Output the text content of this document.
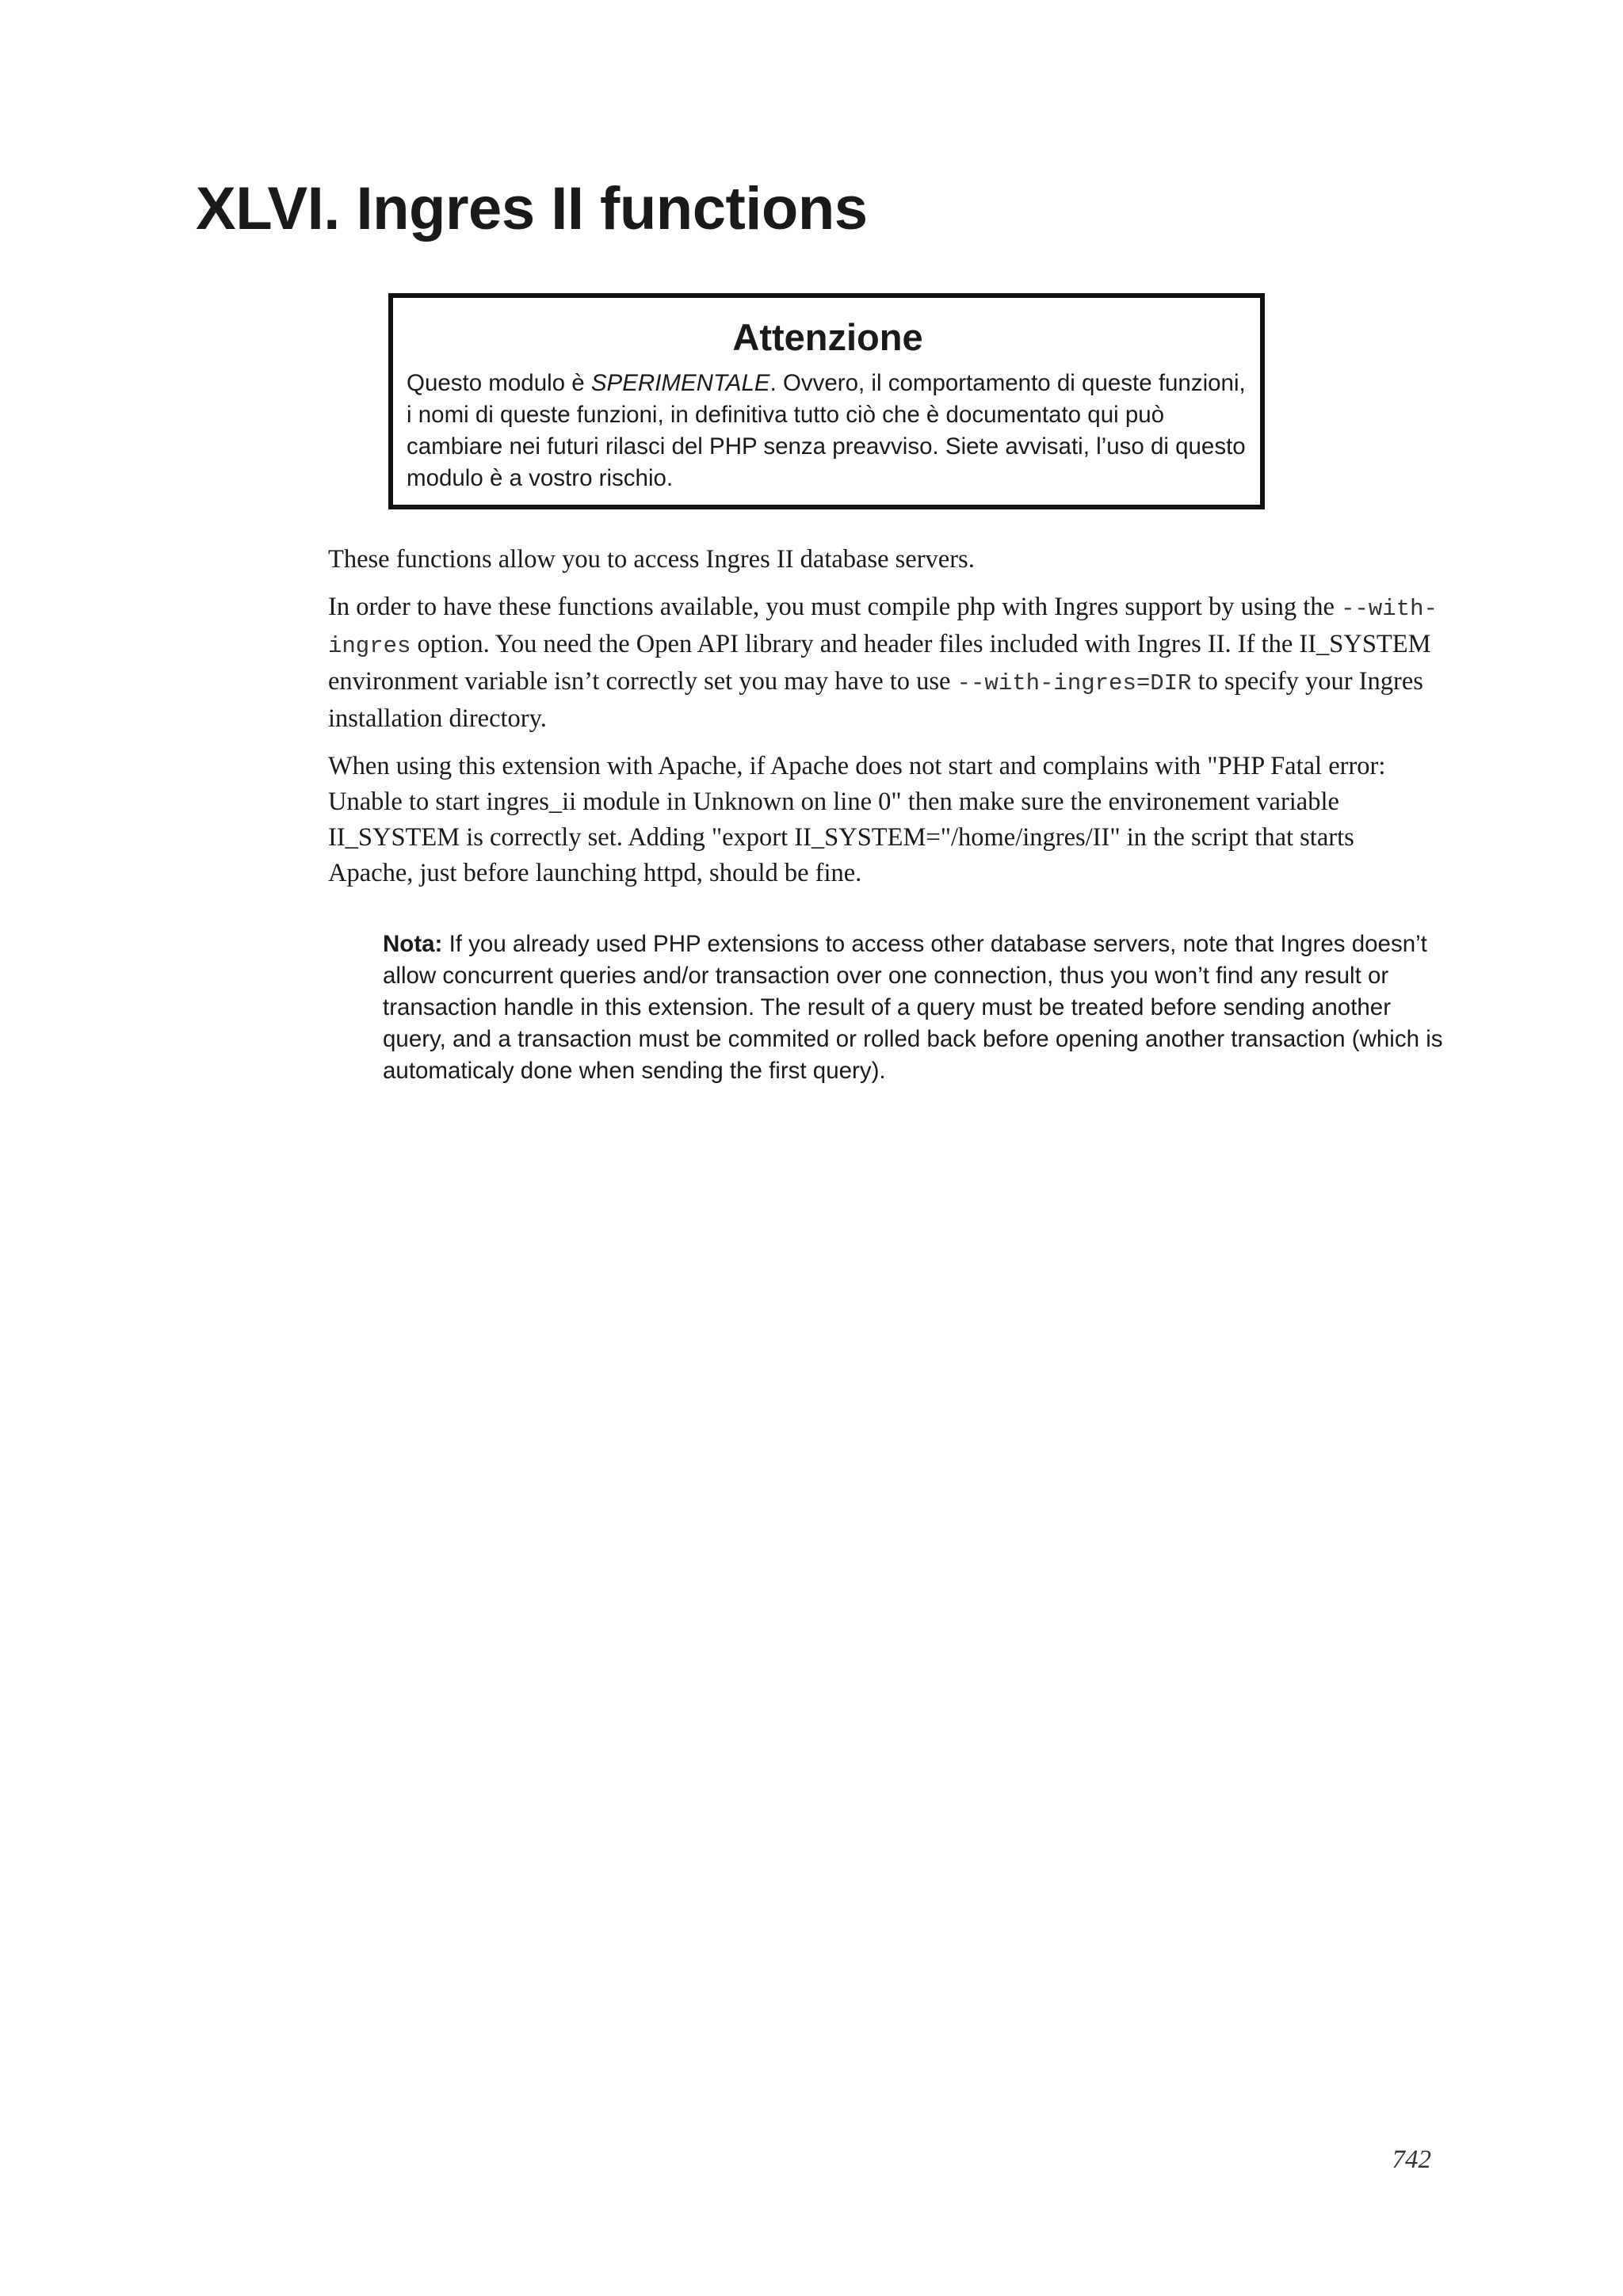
XLVI. Ingres II functions
Attenzione

Questo modulo è SPERIMENTALE. Ovvero, il comportamento di queste funzioni, i nomi di queste funzioni, in definitiva tutto ciò che è documentato qui può cambiare nei futuri rilasci del PHP senza preavviso. Siete avvisati, l’uso di questo modulo è a vostro rischio.

These functions allow you to access Ingres II database servers.

In order to have these functions available, you must compile php with Ingres support by using the --with-ingres option. You need the Open API library and header files included with Ingres II. If the II_SYSTEM environment variable isn’t correctly set you may have to use --with-ingres=DIR to specify your Ingres installation directory.

When using this extension with Apache, if Apache does not start and complains with "PHP Fatal error: Unable to start ingres_ii module in Unknown on line 0" then make sure the environement variable II_SYSTEM is correctly set. Adding "export II_SYSTEM="/home/ingres/II" in the script that starts Apache, just before launching httpd, should be fine.

Nota: If you already used PHP extensions to access other database servers, note that Ingres doesn’t allow concurrent queries and/or transaction over one connection, thus you won’t find any result or transaction handle in this extension. The result of a query must be treated before sending another query, and a transaction must be commited or rolled back before opening another transaction (which is automaticaly done when sending the first query).

742
